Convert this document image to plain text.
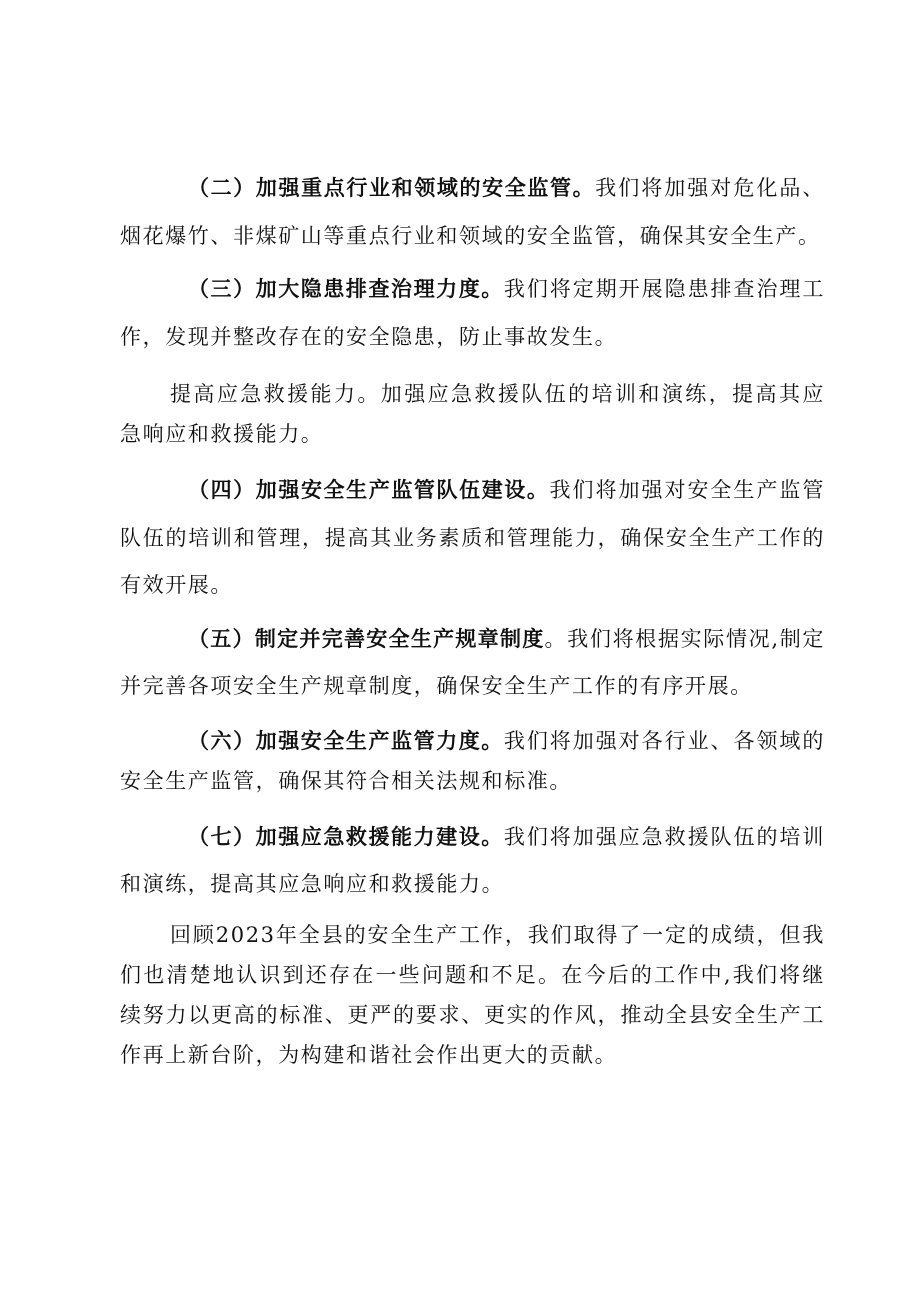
（二）加强重点行业和领域的安全监管。我们将加强对危化品、烟花爆竹、非煤矿山等重点行业和领域的安全监管，确保其安全生产。

（三）加大隐患排查治理力度。我们将定期开展隐患排查治理工作，发现并整改存在的安全隐患，防止事故发生。

提高应急救援能力。加强应急救援队伍的培训和演练，提高其应急响应和救援能力。

（四）加强安全生产监管队伍建设。我们将加强对安全生产监管队伍的培训和管理，提高其业务素质和管理能力，确保安全生产工作的有效开展。

（五）制定并完善安全生产规章制度。我们将根据实际情况,制定并完善各项安全生产规章制度，确保安全生产工作的有序开展。

（六）加强安全生产监管力度。我们将加强对各行业、各领域的安全生产监管，确保其符合相关法规和标准。

（七）加强应急救援能力建设。我们将加强应急救援队伍的培训和演练，提高其应急响应和救援能力。

回顾2023年全县的安全生产工作，我们取得了一定的成绩，但我们也清楚地认识到还存在一些问题和不足。在今后的工作中,我们将继续努力以更高的标准、更严的要求、更实的作风，推动全县安全生产工作再上新台阶，为构建和谐社会作出更大的贡献。
